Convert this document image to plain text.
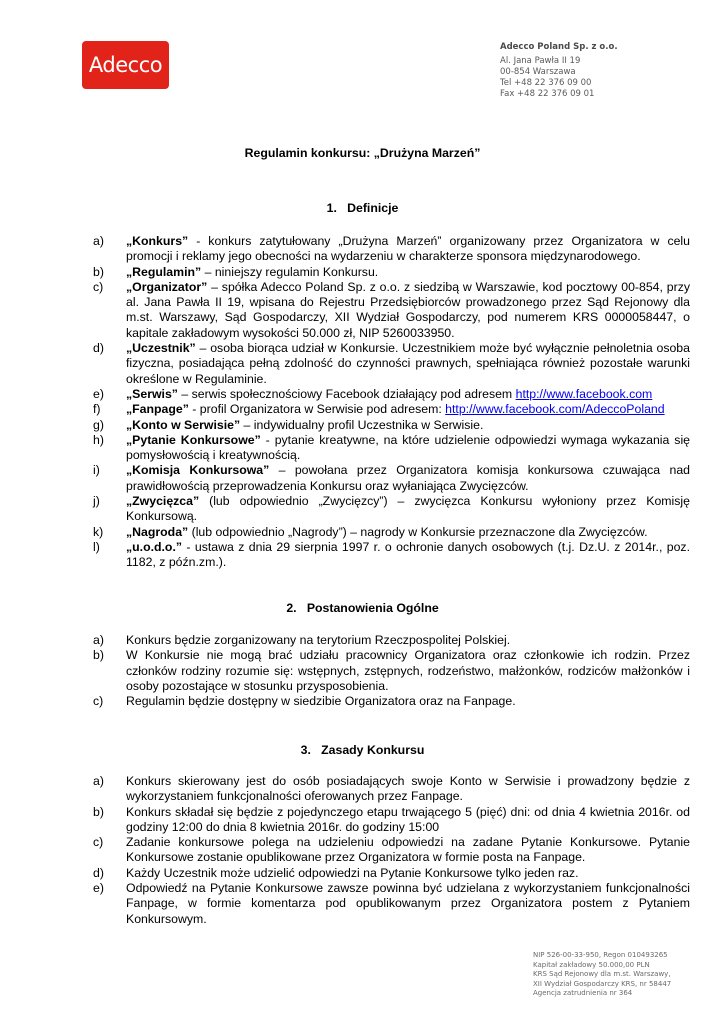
Adecco
Adecco Poland Sp. z o.o.
Al. Jana Pawła II 19
00-854 Warszawa
Tel +48 22 376 09 00
Fax +48 22 376 09 01
Regulamin konkursu: „Drużyna Marzeń”
1.   Definicje
a) „Konkurs” - konkurs zatytułowany „Drużyna Marzeń” organizowany przez Organizatora w celu promocji i reklamy jego obecności na wydarzeniu w charakterze sponsora międzynarodowego.
b) „Regulamin” – niniejszy regulamin Konkursu.
c) „Organizator” – spółka Adecco Poland Sp. z o.o. z siedzibą w Warszawie, kod pocztowy 00-854, przy al. Jana Pawła II 19, wpisana do Rejestru Przedsiębiorców prowadzonego przez Sąd Rejonowy dla m.st. Warszawy, Sąd Gospodarczy, XII Wydział Gospodarczy, pod numerem KRS 0000058447, o kapitale zakładowym wysokości 50.000 zł, NIP 5260033950.
d) „Uczestnik” – osoba biorąca udział w Konkursie. Uczestnikiem może być wyłącznie pełnoletnia osoba fizyczna, posiadająca pełną zdolność do czynności prawnych, spełniająca również pozostałe warunki określone w Regulaminie.
e) „Serwis” – serwis społecznościowy Facebook działający pod adresem http://www.facebook.com
f) „Fanpage” - profil Organizatora w Serwisie pod adresem: http://www.facebook.com/AdeccoPoland
g) „Konto w Serwisie” – indywidualny profil Uczestnika w Serwisie.
h) „Pytanie Konkursowe” - pytanie kreatywne, na które udzielenie odpowiedzi wymaga wykazania się pomysłowością i kreatywnością.
i) „Komisja Konkursowa” – powołana przez Organizatora komisja konkursowa czuwająca nad prawidłowością przeprowadzenia Konkursu oraz wyłaniająca Zwycięzców.
j) „Zwycięzca” (lub odpowiednio „Zwycięzcy”) – zwycięzca Konkursu wyłoniony przez Komisję Konkursową.
k) „Nagroda” (lub odpowiednio „Nagrody”) – nagrody w Konkursie przeznaczone dla Zwycięzców.
l) „u.o.d.o.” - ustawa z dnia 29 sierpnia 1997 r. o ochronie danych osobowych (t.j. Dz.U. z 2014r., poz. 1182, z późn.zm.).
2.   Postanowienia Ogólne
a) Konkurs będzie zorganizowany na terytorium Rzeczpospolitej Polskiej.
b) W Konkursie nie mogą brać udziału pracownicy Organizatora oraz członkowie ich rodzin. Przez członków rodziny rozumie się: wstępnych, zstępnych, rodzeństwo, małżonków, rodziców małżonków i osoby pozostające w stosunku przysposobienia.
c) Regulamin będzie dostępny w siedzibie Organizatora oraz na Fanpage.
3.   Zasady Konkursu
a) Konkurs skierowany jest do osób posiadających swoje Konto w Serwisie i prowadzony będzie z wykorzystaniem funkcjonalności oferowanych przez Fanpage.
b) Konkurs składał się będzie z pojedynczego etapu trwającego 5 (pięć) dni: od dnia 4 kwietnia 2016r. od godziny 12:00 do dnia 8 kwietnia 2016r. do godziny 15:00
c) Zadanie konkursowe polega na udzieleniu odpowiedzi na zadane Pytanie Konkursowe. Pytanie Konkursowe zostanie opublikowane przez Organizatora w formie posta na Fanpage.
d) Każdy Uczestnik może udzielić odpowiedzi na Pytanie Konkursowe tylko jeden raz.
e) Odpowiedź na Pytanie Konkursowe zawsze powinna być udzielana z wykorzystaniem funkcjonalności Fanpage, w formie komentarza pod opublikowanym przez Organizatora postem z Pytaniem Konkursowym.
NIP 526-00-33-950, Regon 010493265
Kapitał zakładowy 50.000,00 PLN
KRS Sąd Rejonowy dla m.st. Warszawy,
XII Wydział Gospodarczy KRS, nr 58447
Agencja zatrudnienia nr 364
